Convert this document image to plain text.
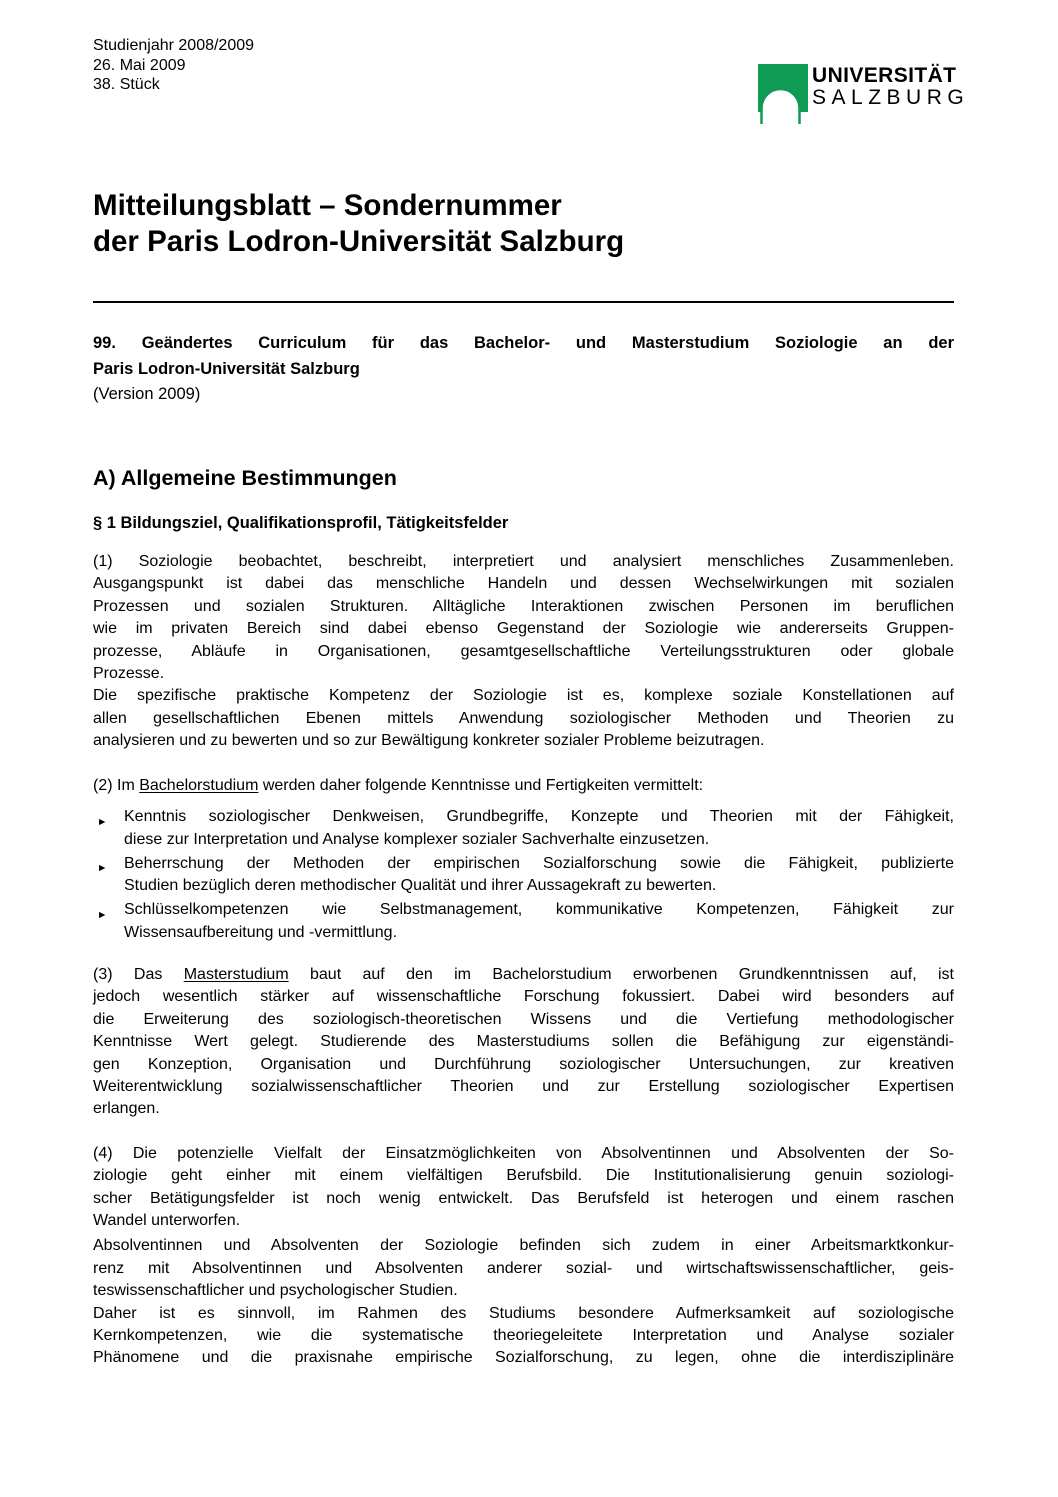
Studienjahr 2008/2009
26. Mai 2009
38. Stück	UNIVERSITÄT
SALZBURG
Mitteilungsblatt – Sondernummer
der Paris Lodron-Universität Salzburg
99. Geändertes Curriculum für das Bachelor- und Masterstudium Soziologie an der
Paris Lodron-Universität Salzburg
(Version 2009)
A) Allgemeine Bestimmungen
§ 1 Bildungsziel, Qualifikationsprofil, Tätigkeitsfelder
(1) Soziologie beobachtet, beschreibt, interpretiert und analysiert menschliches Zusammenleben.
Ausgangspunkt ist dabei das menschliche Handeln und dessen Wechselwirkungen mit sozialen
Prozessen und sozialen Strukturen. Alltägliche Interaktionen zwischen Personen im beruflichen
wie im privaten Bereich sind dabei ebenso Gegenstand der Soziologie wie andererseits Gruppen-
prozesse, Abläufe in Organisationen, gesamtgesellschaftliche Verteilungsstrukturen oder globale
Prozesse.
Die spezifische praktische Kompetenz der Soziologie ist es, komplexe soziale Konstellationen auf
allen gesellschaftlichen Ebenen mittels Anwendung soziologischer Methoden und Theorien zu
analysieren und zu bewerten und so zur Bewältigung konkreter sozialer Probleme beizutragen.
(2) Im Bachelorstudium werden daher folgende Kenntnisse und Fertigkeiten vermittelt:
►	Kenntnis soziologischer Denkweisen, Grundbegriffe, Konzepte und Theorien mit der Fähigkeit,
diese zur Interpretation und Analyse komplexer sozialer Sachverhalte einzusetzen.
►	Beherrschung der Methoden der empirischen Sozialforschung sowie die Fähigkeit, publizierte
Studien bezüglich deren methodischer Qualität und ihrer Aussagekraft zu bewerten.
►	Schlüsselkompetenzen wie Selbstmanagement, kommunikative Kompetenzen, Fähigkeit zur
Wissensaufbereitung und -vermittlung.
(3) Das Masterstudium baut auf den im Bachelorstudium erworbenen Grundkenntnissen auf, ist
jedoch wesentlich stärker auf wissenschaftliche Forschung fokussiert. Dabei wird besonders auf
die Erweiterung des soziologisch-theoretischen Wissens und die Vertiefung methodologischer
Kenntnisse Wert gelegt. Studierende des Masterstudiums sollen die Befähigung zur eigenständi-
gen Konzeption, Organisation und Durchführung soziologischer Untersuchungen, zur kreativen
Weiterentwicklung sozialwissenschaftlicher Theorien und zur Erstellung soziologischer Expertisen
erlangen.
(4) Die potenzielle Vielfalt der Einsatzmöglichkeiten von Absolventinnen und Absolventen der So-
ziologie geht einher mit einem vielfältigen Berufsbild. Die Institutionalisierung genuin soziologi-
scher Betätigungsfelder ist noch wenig entwickelt. Das Berufsfeld ist heterogen und einem raschen
Wandel unterworfen.
Absolventinnen und Absolventen der Soziologie befinden sich zudem in einer Arbeitsmarktkonkur-
renz mit Absolventinnen und Absolventen anderer sozial- und wirtschaftswissenschaftlicher, geis-
teswissenschaftlicher und psychologischer Studien.
Daher ist es sinnvoll, im Rahmen des Studiums besondere Aufmerksamkeit auf soziologische
Kernkompetenzen, wie die systematische theoriegeleitete Interpretation und Analyse sozialer
Phänomene und die praxisnahe empirische Sozialforschung, zu legen, ohne die interdisziplinäre
